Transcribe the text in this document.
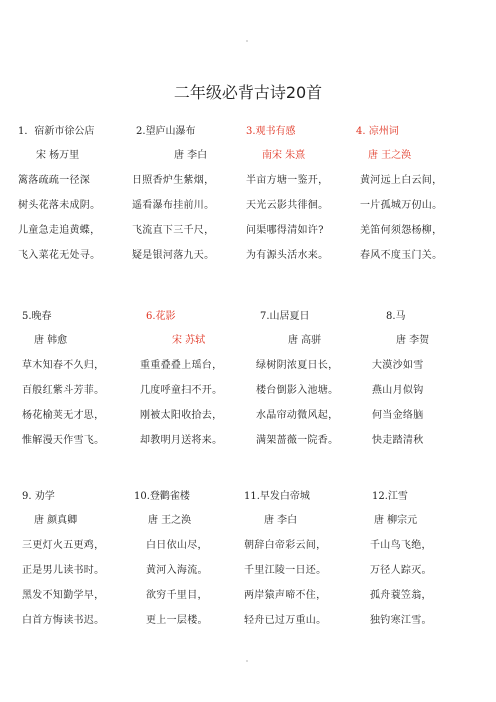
二年级必背古诗20首
1．宿新市徐公店
宋 杨万里
篱落疏疏一径深
树头花落未成阴。
儿童急走追黄蝶，
飞入菜花无处寻。
2.望庐山瀑布
唐 李白
日照香炉生紫烟，
遥看瀑布挂前川。
飞流直下三千尺，
疑是银河落九天。
3.观书有感
南宋 朱熹
半亩方塘一鉴开，
天光云影共徘徊。
问渠哪得清如许?
为有源头活水来。
4. 凉州词
唐 王之涣
黄河远上白云间，
一片孤城万仞山。
羌笛何须怨杨柳，
春风不度玉门关。
5.晚春
唐 韩愈
草木知春不久归，
百般红紫斗芳菲。
杨花榆荚无才思，
惟解漫天作雪飞。
6.花影
宋 苏轼
重重叠叠上瑶台，
几度呼童扫不开。
刚被太阳收拾去，
却教明月送将来。
7.山居夏日
唐 高骈
绿树阴浓夏日长，
楼台倒影入池塘。
水晶帘动微风起，
满架蔷薇一院香。
8.马
唐 李贺
大漠沙如雪
燕山月似钩
何当金络脑
快走踏清秋
9. 劝学
唐 颜真卿
三更灯火五更鸡，
正是男儿读书时。
黑发不知勤学早，
白首方悔读书迟。
10.登鹳雀楼
唐 王之涣
白日依山尽，
黄河入海流。
欲穷千里目，
更上一层楼。
11.早发白帝城
唐 李白
朝辞白帝彩云间，
千里江陵一日还。
两岸猿声啼不住，
轻舟已过万重山。
12.江雪
唐 柳宗元
千山鸟飞绝，
万径人踪灭。
孤舟蓑笠翁，
独钓寒江雪。
